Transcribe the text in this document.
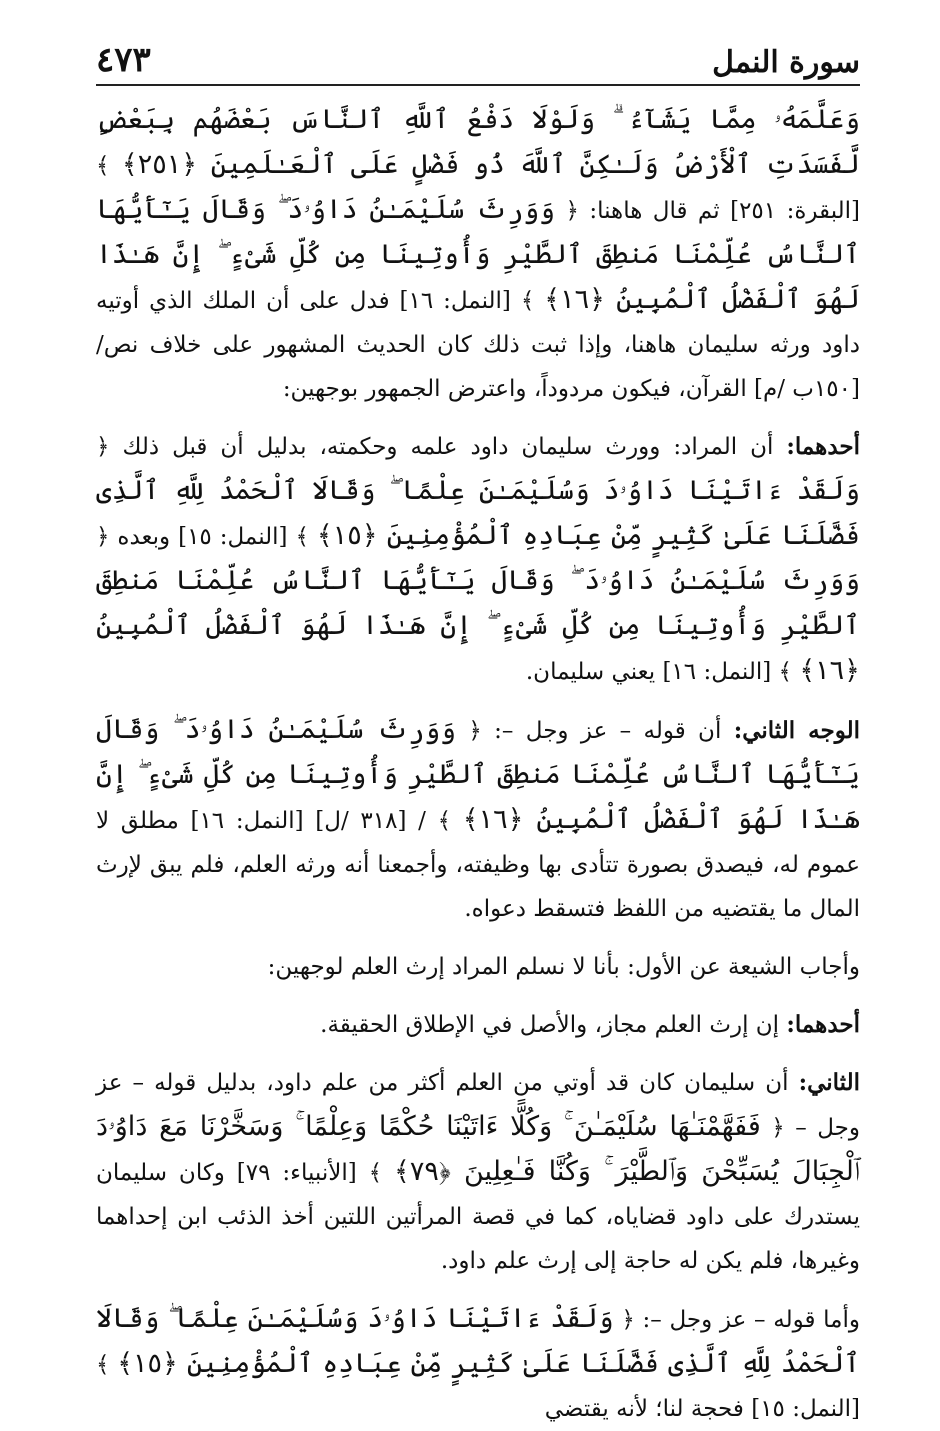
سورة النمل
٤٧٣

وَعَلَّمَهُۥ مِمَّا يَشَآءُ ۗ وَلَوْلَا دَفْعُ ٱللَّهِ ٱلنَّاسَ بَعْضَهُم بِبَعْضٍ لَّفَسَدَتِ ٱلْأَرْضُ وَلَـٰكِنَّ ٱللَّهَ ذُو فَضْلٍ عَلَى ٱلْعَـٰلَمِينَ ﴿٢٥١﴾ ﴾ [البقرة: ٢٥١] ثم قال هاهنا: ﴿ وَوَرِثَ سُلَيْمَـٰنُ دَاوُۥدَ ۖ وَقَالَ يَـٰٓأَيُّهَا ٱلنَّاسُ عُلِّمْنَا مَنطِقَ ٱلطَّيْرِ وَأُوتِينَا مِن كُلِّ شَىْءٍ ۖ إِنَّ هَـٰذَا لَهُوَ ٱلْفَضْلُ ٱلْمُبِينُ ﴿١٦﴾ ﴾ [النمل: ١٦] فدل على أن الملك الذي أوتيه داود ورثه سليمان هاهنا، وإذا ثبت ذلك كان الحديث المشهور على خلاف نص/ [١٥٠ب /م] القرآن، فيكون مردوداً، واعترض الجمهور بوجهين:

أحدهما: أن المراد: وورث سليمان داود علمه وحكمته، بدليل أن قبل ذلك ﴿ وَلَقَدْ ءَاتَيْنَا دَاوُۥدَ وَسُلَيْمَـٰنَ عِلْمًا ۖ وَقَالَا ٱلْحَمْدُ لِلَّهِ ٱلَّذِى فَضَّلَنَا عَلَىٰ كَثِيرٍ مِّنْ عِبَادِهِ ٱلْمُؤْمِنِينَ ﴿١٥﴾ ﴾ [النمل: ١٥] وبعده ﴿ وَوَرِثَ سُلَيْمَـٰنُ دَاوُۥدَ ۖ وَقَالَ يَـٰٓأَيُّهَا ٱلنَّاسُ عُلِّمْنَا مَنطِقَ ٱلطَّيْرِ وَأُوتِينَا مِن كُلِّ شَىْءٍ ۖ إِنَّ هَـٰذَا لَهُوَ ٱلْفَضْلُ ٱلْمُبِينُ ﴿١٦﴾ ﴾ [النمل: ١٦] يعني سليمان.

الوجه الثاني: أن قوله – عز وجل –: ﴿ وَوَرِثَ سُلَيْمَـٰنُ دَاوُۥدَ ۖ وَقَالَ يَـٰٓأَيُّهَا ٱلنَّاسُ عُلِّمْنَا مَنطِقَ ٱلطَّيْرِ وَأُوتِينَا مِن كُلِّ شَىْءٍ ۖ إِنَّ هَـٰذَا لَهُوَ ٱلْفَضْلُ ٱلْمُبِينُ ﴿١٦﴾ ﴾ / [٣١٨ /ل] [النمل: ١٦] مطلق لا عموم له، فيصدق بصورة تتأدى بها وظيفته، وأجمعنا أنه ورثه العلم، فلم يبق لإرث المال ما يقتضيه من اللفظ فتسقط دعواه.

وأجاب الشيعة عن الأول: بأنا لا نسلم المراد إرث العلم لوجهين:

أحدهما: إن إرث العلم مجاز، والأصل في الإطلاق الحقيقة.

الثاني: أن سليمان كان قد أوتي من العلم أكثر من علم داود، بدليل قوله – عز وجل – ﴿ فَفَهَّمْنَـٰهَا سُلَيْمَـٰنَ ۚ وَكُلًّا ءَاتَيْنَا حُكْمًا وَعِلْمًا ۚ وَسَخَّرْنَا مَعَ دَاوُۥدَ ٱلْجِبَالَ يُسَبِّحْنَ وَٱلطَّيْرَ ۚ وَكُنَّا فَـٰعِلِينَ ﴿٧٩﴾ ﴾ [الأنبياء: ٧٩] وكان سليمان يستدرك على داود قضاياه، كما في قصة المرأتين اللتين أخذ الذئب ابن إحداهما وغيرها، فلم يكن له حاجة إلى إرث علم داود.

وأما قوله – عز وجل –: ﴿ وَلَقَدْ ءَاتَيْنَا دَاوُۥدَ وَسُلَيْمَـٰنَ عِلْمًا ۖ وَقَالَا ٱلْحَمْدُ لِلَّهِ ٱلَّذِى فَضَّلَنَا عَلَىٰ كَثِيرٍ مِّنْ عِبَادِهِ ٱلْمُؤْمِنِينَ ﴿١٥﴾ ﴾ [النمل: ١٥] فحجة لنا؛ لأنه يقتضي
